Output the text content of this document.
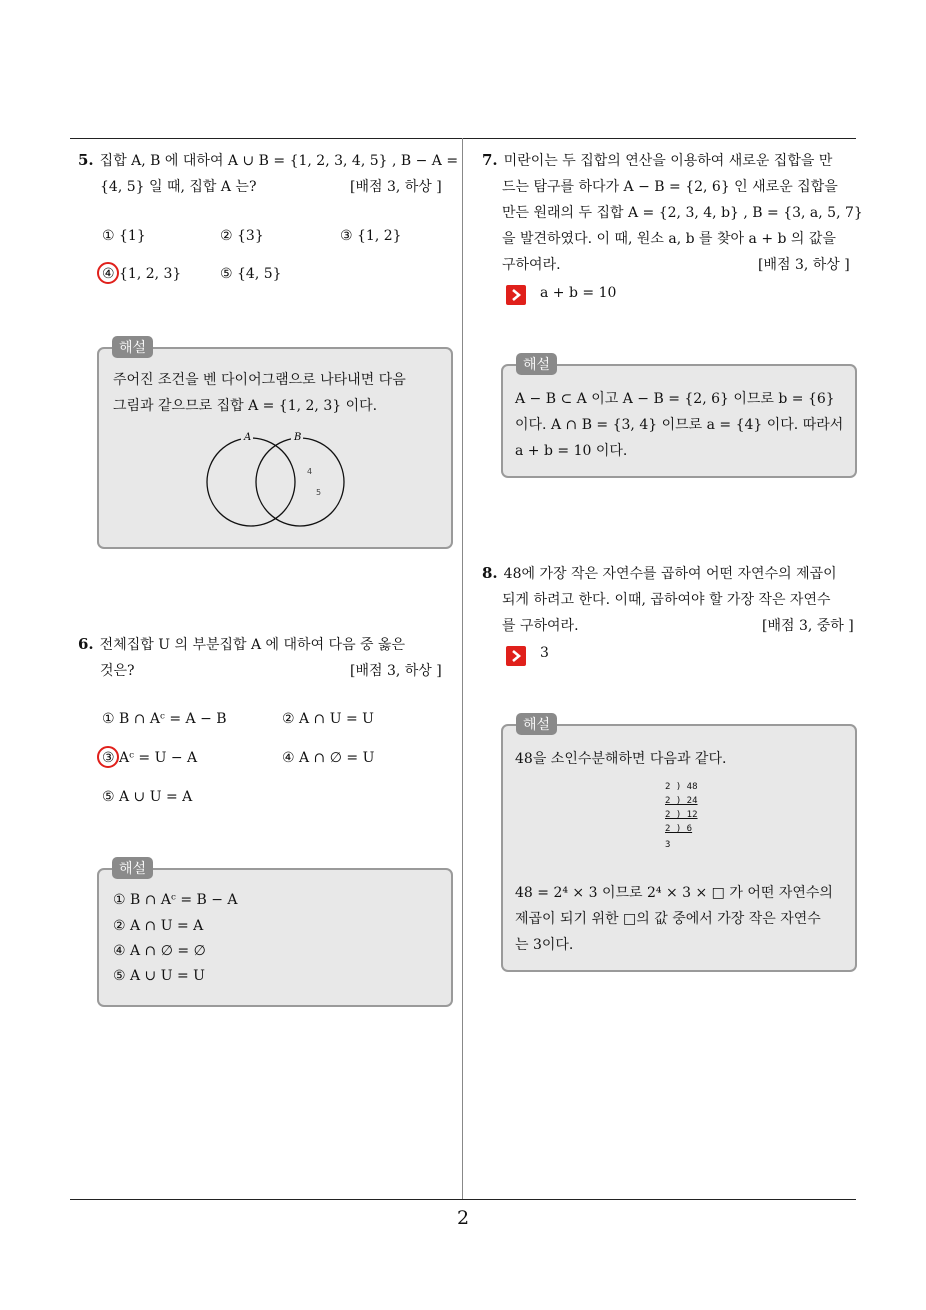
5. 집합 A, B 에 대하여 A ∪ B = {1, 2, 3, 4, 5} , B − A =
{4, 5} 일 때, 집합 A 는?	[배점 3, 하상 ]
① {1}	② {3}	③ {1, 2}
④ {1, 2, 3}	⑤ {4, 5}
주어진 조건을 벤 다이어그램으로 나타내면 다음
그림과 같으므로 집합 A = {1, 2, 3} 이다.
A	B
4
5
해설
6. 전체집합 U 의 부분집합 A 에 대하여 다음 중 옳은
것은?	[배점 3, 하상 ]
① B ∩ Aᶜ = A − B	② A ∩ U = U
③ Aᶜ = U − A	④ A ∩ ∅ = U
⑤ A ∪ U = A
① B ∩ Aᶜ = B − A
② A ∩ U = A
④ A ∩ ∅ = ∅
⑤ A ∪ U = U
해설
7. 미란이는 두 집합의 연산을 이용하여 새로운 집합을 만
드는 탐구를 하다가 A − B = {2, 6} 인 새로운 집합을
만든 원래의 두 집합 A = {2, 3, 4, b} , B = {3, a, 5, 7}
을 발견하였다. 이 때, 원소 a, b 를 찾아 a + b 의 값을
구하여라.	[배점 3, 하상 ]
a + b = 10
A − B ⊂ A 이고 A − B = {2, 6} 이므로 b = {6}
이다. A ∩ B = {3, 4} 이므로 a = {4} 이다. 따라서
a + b = 10 이다.
해설
8. 48에 가장 작은 자연수를 곱하여 어떤 자연수의 제곱이
되게 하려고 한다. 이때, 곱하여야 할 가장 작은 자연수
를 구하여라.	[배점 3, 중하 ]
3
48을 소인수분해하면 다음과 같다.
2 ) 48
2 ) 24
2 ) 12
2 ) 6
3
48 = 2⁴ × 3 이므로 2⁴ × 3 × □ 가 어떤 자연수의
제곱이 되기 위한 □의 값 중에서 가장 작은 자연수
는 3이다.
해설
2
